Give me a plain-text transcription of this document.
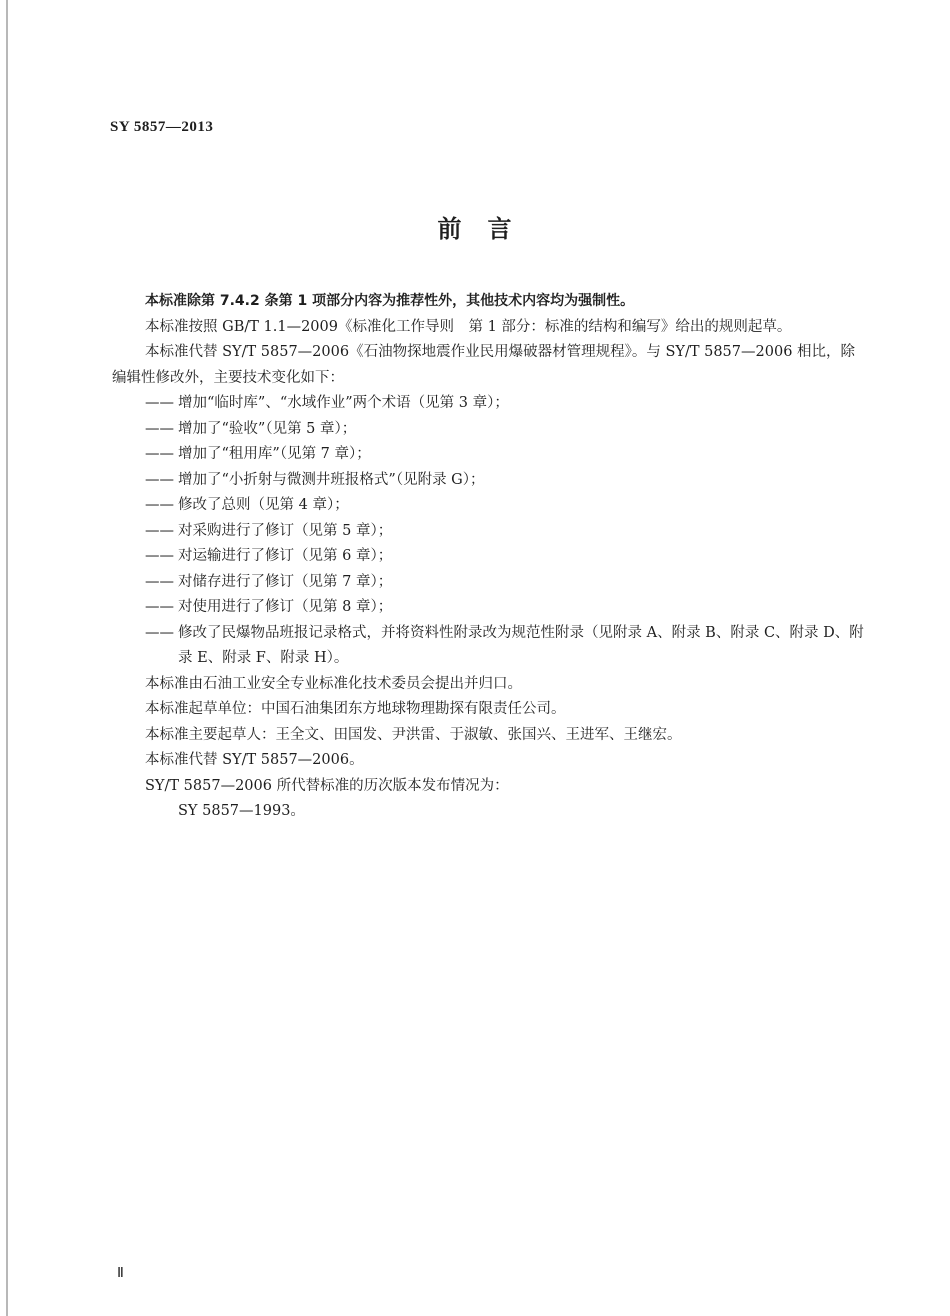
SY 5857—2013
前　言

本标准除第 7.4.2 条第 1 项部分内容为推荐性外，其他技术内容均为强制性。

本标准按照 GB/T 1.1—2009《标准化工作导则　第 1 部分：标准的结构和编写》给出的规则起草。

本标准代替 SY/T 5857—2006《石油物探地震作业民用爆破器材管理规程》。与 SY/T 5857—2006 相比，除编辑性修改外，主要技术变化如下：

—— 增加“临时库”、“水域作业”两个术语（见第 3 章）；

—— 增加了“验收”（见第 5 章）；

—— 增加了“租用库”（见第 7 章）；

—— 增加了“小折射与微测井班报格式”（见附录 G）；

—— 修改了总则（见第 4 章）；

—— 对采购进行了修订（见第 5 章）；

—— 对运输进行了修订（见第 6 章）；

—— 对储存进行了修订（见第 7 章）；

—— 对使用进行了修订（见第 8 章）；

—— 修改了民爆物品班报记录格式，并将资料性附录改为规范性附录（见附录 A、附录 B、附录 C、附录 D、附录 E、附录 F、附录 H）。

本标准由石油工业安全专业标准化技术委员会提出并归口。

本标准起草单位：中国石油集团东方地球物理勘探有限责任公司。

本标准主要起草人：王全文、田国发、尹洪雷、于淑敏、张国兴、王进军、王继宏。

本标准代替 SY/T 5857—2006。

SY/T 5857—2006 所代替标准的历次版本发布情况为：

SY 5857—1993。

Ⅱ
